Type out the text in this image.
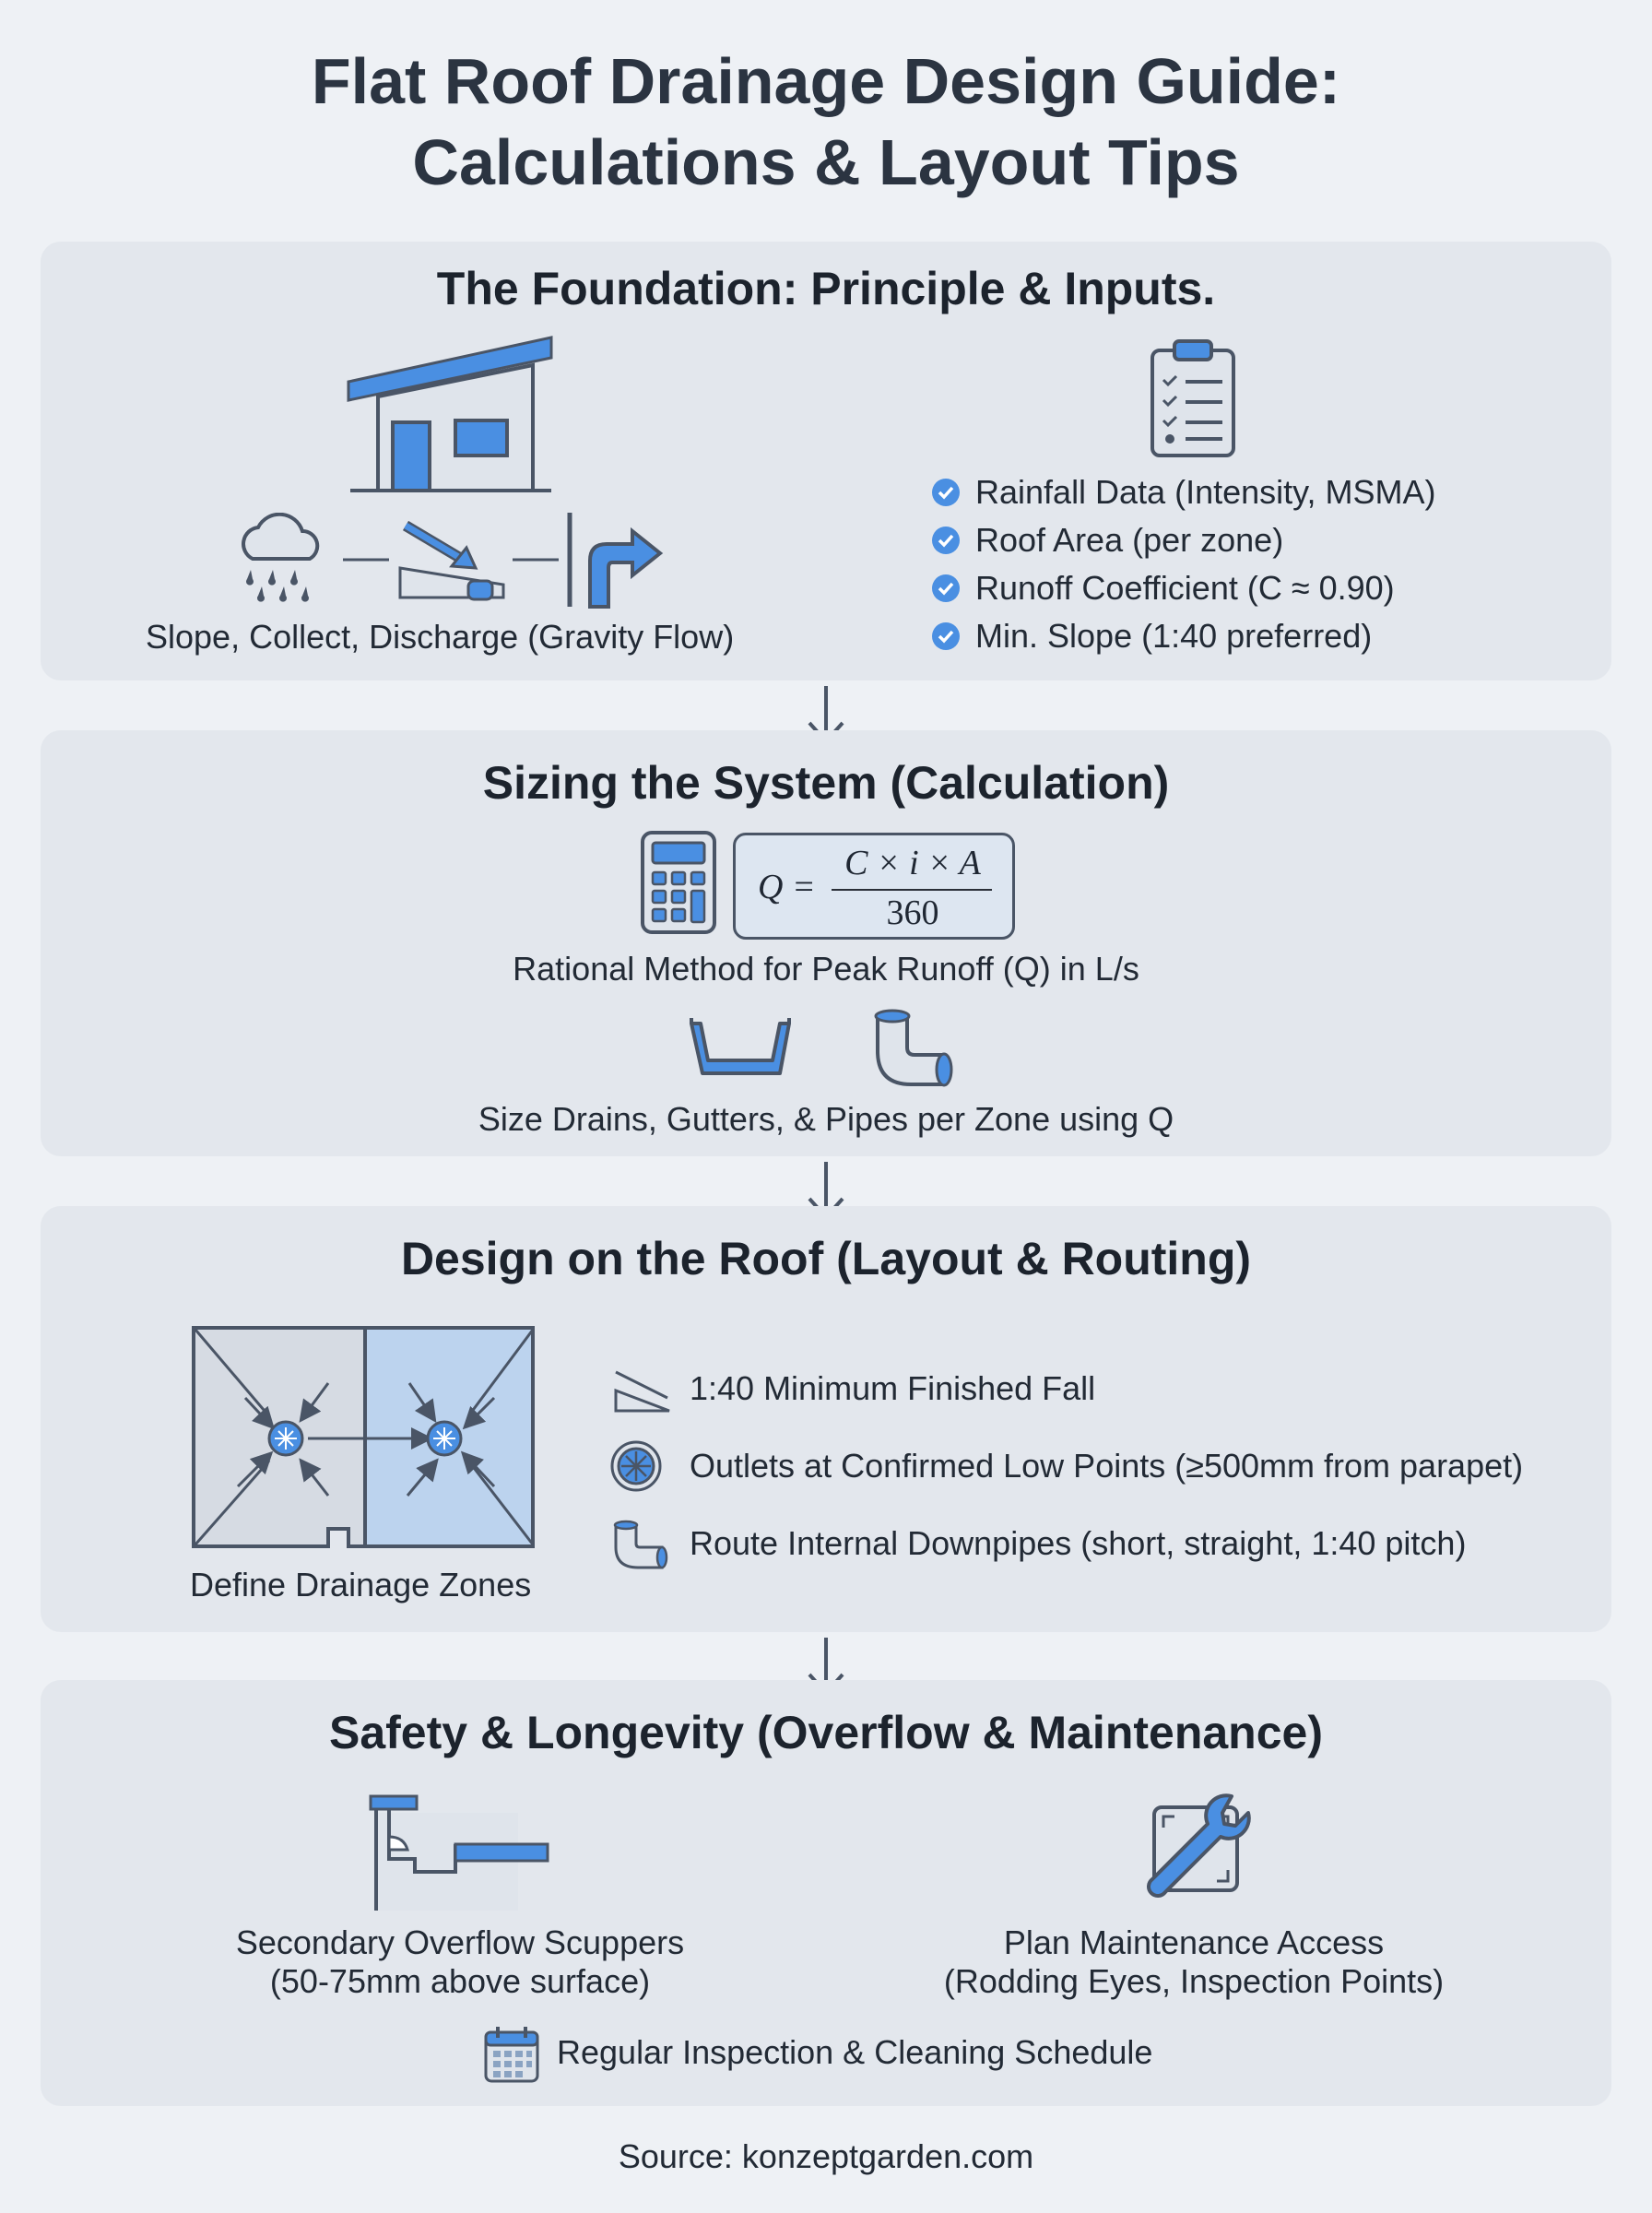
Flat Roof Drainage Design Guide:
Calculations & Layout Tips
The Foundation: Principle & Inputs.
Slope, Collect, Discharge (Gravity Flow)
Rainfall Data (Intensity, MSMA)
Roof Area (per zone)
Runoff Coefficient (C ≈ 0.90)
Min. Slope (1:40 preferred)
Sizing the System (Calculation)
Q =
C × i × A
360
Rational Method for Peak Runoff (Q) in L/s
Size Drains, Gutters, & Pipes per Zone using Q
Design on the Roof (Layout & Routing)
Define Drainage Zones
1:40 Minimum Finished Fall
Outlets at Confirmed Low Points (≥500mm from parapet)
Route Internal Downpipes (short, straight, 1:40 pitch)
Safety & Longevity (Overflow & Maintenance)
Secondary Overflow Scuppers
(50-75mm above surface)
Plan Maintenance Access
(Rodding Eyes, Inspection Points)
Regular Inspection & Cleaning Schedule
Source: konzeptgarden.com
